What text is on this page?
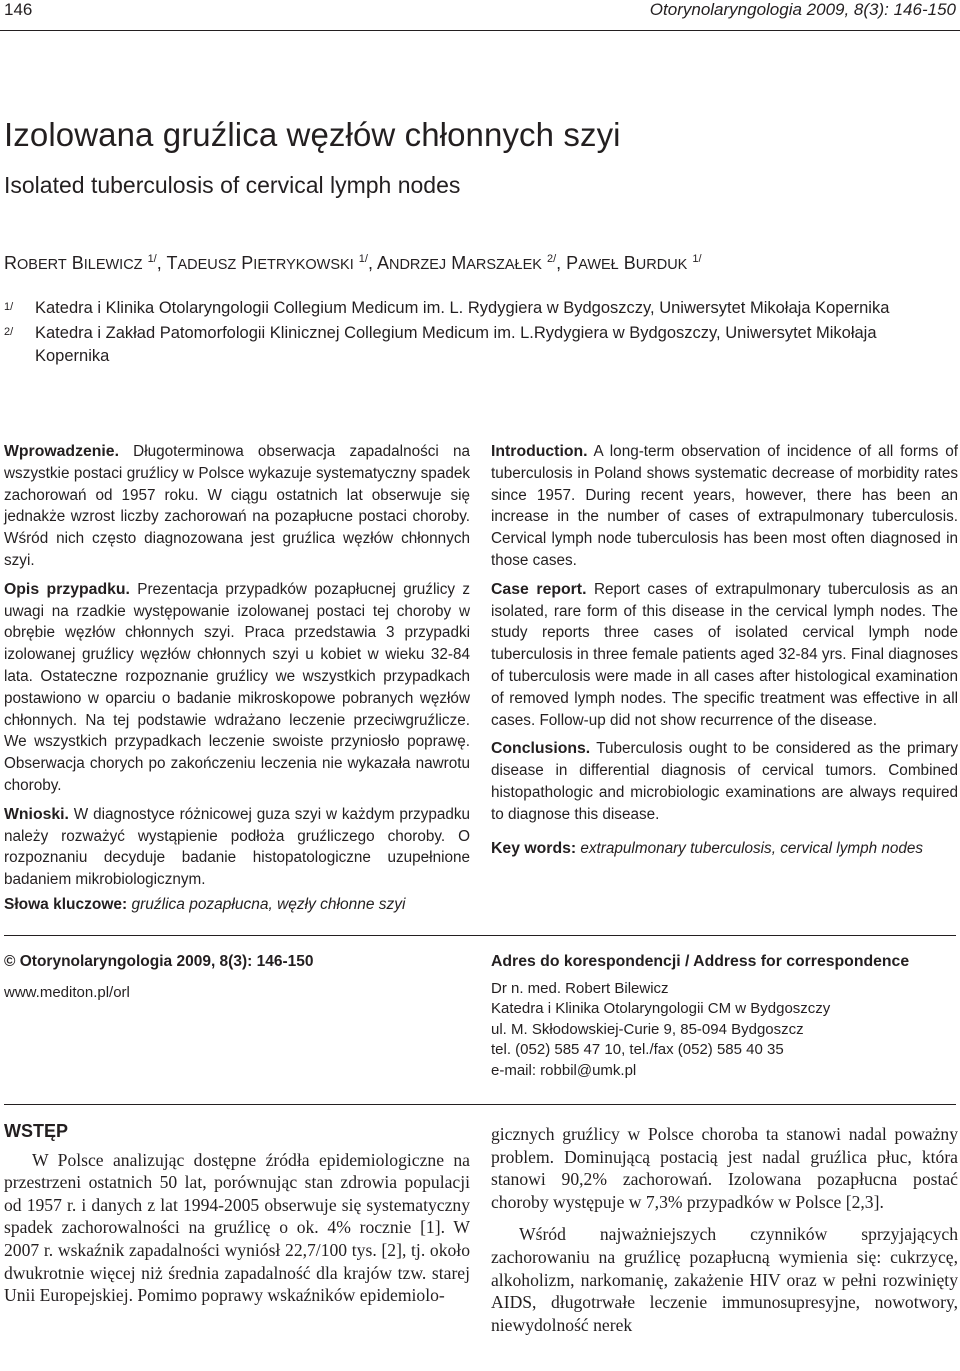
146	Otorynolaryngologia 2009, 8(3): 146-150
Izolowana gruźlica węzłów chłonnych szyi
Isolated tuberculosis of cervical lymph nodes
ROBERT BILEWICZ $^{1/}$, TADEUSZ PIETRYKOWSKI $^{1/}$, ANDRZEJ MARSZAŁEK $^{2/}$, PAWEŁ BURDUK $^{1/}$
1/ Katedra i Klinika Otolaryngologii Collegium Medicum im. L. Rydygiera w Bydgoszczy, Uniwersytet Mikołaja Kopernika
2/ Katedra i Zakład Patomorfologii Klinicznej Collegium Medicum im. L.Rydygiera w Bydgoszczy, Uniwersytet Mikołaja Kopernika

Wprowadzenie. Długoterminowa obserwacja zapadalności na wszystkie postaci gruźlicy w Polsce wykazuje systematyczny spadek zachorowań od 1957 roku. W ciągu ostatnich lat obserwuje się jednakże wzrost liczby zachorowań na pozapłucne postaci choroby. Wśród nich często diagnozowana jest gruźlica węzłów chłonnych szyi.

Opis przypadku. Prezentacja przypadków pozapłucnej gruźlicy z uwagi na rzadkie występowanie izolowanej postaci tej choroby w obrębie węzłów chłonnych szyi. Praca przedstawia 3 przypadki izolowanej gruźlicy węzłów chłonnych szyi u kobiet w wieku 32-84 lata. Ostateczne rozpoznanie gruźlicy we wszystkich przypadkach postawiono w oparciu o badanie mikroskopowe pobranych węzłów chłonnych. Na tej podstawie wdrażano leczenie przeciwgruźlicze. We wszystkich przypadkach leczenie swoiste przyniosło poprawę. Obserwacja chorych po zakończeniu leczenia nie wykazała nawrotu choroby.

Wnioski. W diagnostyce różnicowej guza szyi w każdym przypadku należy rozważyć wystąpienie podłoża gruźliczego choroby. O rozpoznaniu decyduje badanie histopatologiczne uzupełnione badaniem mikrobiologicznym.

Słowa kluczowe: gruźlica pozapłucna, węzły chłonne szyi

Introduction. A long-term observation of incidence of all forms of tuberculosis in Poland shows systematic decrease of morbidity rates since 1957. During recent years, however, there has been an increase in the number of cases of extrapulmonary tuberculosis. Cervical lymph node tuberculosis has been most often diagnosed in those cases.

Case report. Report cases of extrapulmonary tuberculosis as an isolated, rare form of this disease in the cervical lymph nodes. The study reports three cases of isolated cervical lymph node tuberculosis in three female patients aged 32-84 yrs. Final diagnoses of tuberculosis were made in all cases after histological examination of removed lymph nodes. The specific treatment was effective in all cases. Follow-up did not show recurrence of the disease.

Conclusions. Tuberculosis ought to be considered as the primary disease in differential diagnosis of cervical tumors. Combined histopathologic and microbiologic examinations are always required to diagnose this disease.

Key words: extrapulmonary tuberculosis, cervical lymph nodes

© Otorynolaryngologia 2009, 8(3): 146-150
www.mediton.pl/orl
Adres do korespondencji / Address for correspondence
Dr n. med. Robert Bilewicz
Katedra i Klinika Otolaryngologii CM w Bydgoszczy
ul. M. Skłodowskiej-Curie 9, 85-094 Bydgoszcz
tel. (052) 585 47 10, tel./fax (052) 585 40 35
e-mail: robbil@umk.pl
WSTĘP

W Polsce analizując dostępne źródła epidemiologiczne na przestrzeni ostatnich 50 lat, porównując stan zdrowia populacji od 1957 r. i danych z lat 1994-2005 obserwuje się systematyczny spadek zachorowalności na gruźlicę o ok. 4% rocznie [1]. W 2007 r. wskaźnik zapadalności wyniósł 22,7/100 tys. [2], tj. około dwukrotnie więcej niż średnia zapadalność dla krajów tzw. starej Unii Europejskiej. Pomimo poprawy wskaźników epidemiolo-

gicznych gruźlicy w Polsce choroba ta stanowi nadal poważny problem. Dominującą postacią jest nadal gruźlica płuc, która stanowi 90,2% zachorowań. Izolowana pozapłucna postać choroby występuje w 7,3% przypadków w Polsce [2,3].

Wśród najważniejszych czynników sprzyjających zachorowaniu na gruźlicę pozapłucną wymienia się: cukrzycę, alkoholizm, narkomanię, zakażenie HIV oraz w pełni rozwinięty AIDS, długotrwałe leczenie immunosupresyjne, nowotwory, niewydolność nerek
